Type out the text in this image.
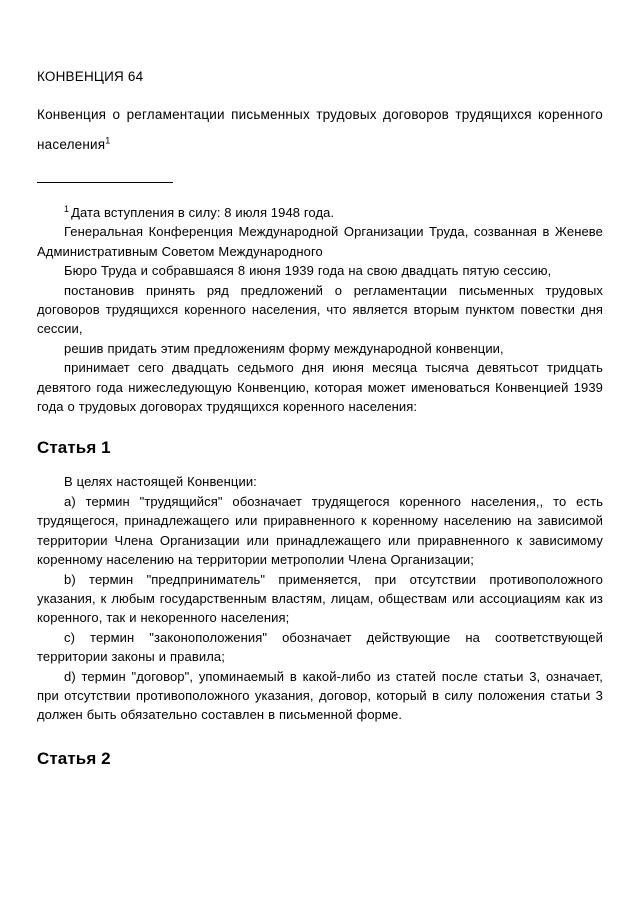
КОНВЕНЦИЯ 64

Конвенция о регламентации письменных трудовых договоров трудящихся коренного населения$^1$

$^1$ Дата вступления в силу: 8 июля 1948 года.

Генеральная Конференция Международной Организации Труда, созванная в Женеве Административным Советом Международного

Бюро Труда и собравшаяся 8 июня 1939 года на свою двадцать пятую сессию,

постановив принять ряд предложений о регламентации письменных трудовых договоров трудящихся коренного населения, что является вторым пунктом повестки дня сессии,

решив придать этим предложениям форму международной конвенции,

принимает сего двадцать седьмого дня июня месяца тысяча девятьсот тридцать девятого года нижеследующую Конвенцию, которая может именоваться Конвенцией 1939 года о трудовых договорах трудящихся коренного населения:

Статья 1

В целях настоящей Конвенции:

a) термин "трудящийся" обозначает трудящегося коренного населения,, то есть трудящегося, принадлежащего или приравненного к коренному населению на зависимой территории Члена Организации или принадлежащего или приравненного к зависимому коренному населению на территории метрополии Члена Организации;

b) термин "предприниматель" применяется, при отсутствии противоположного указания, к любым государственным властям, лицам, обществам или ассоциациям как из коренного, так и некоренного населения;

c) термин "законоположения" обозначает действующие на соответствующей территории законы и правила;

d) термин "договор", упоминаемый в какой-либо из статей после статьи 3, означает, при отсутствии противоположного указания, договор, который в силу положения статьи 3 должен быть обязательно составлен в письменной форме.

Статья 2
